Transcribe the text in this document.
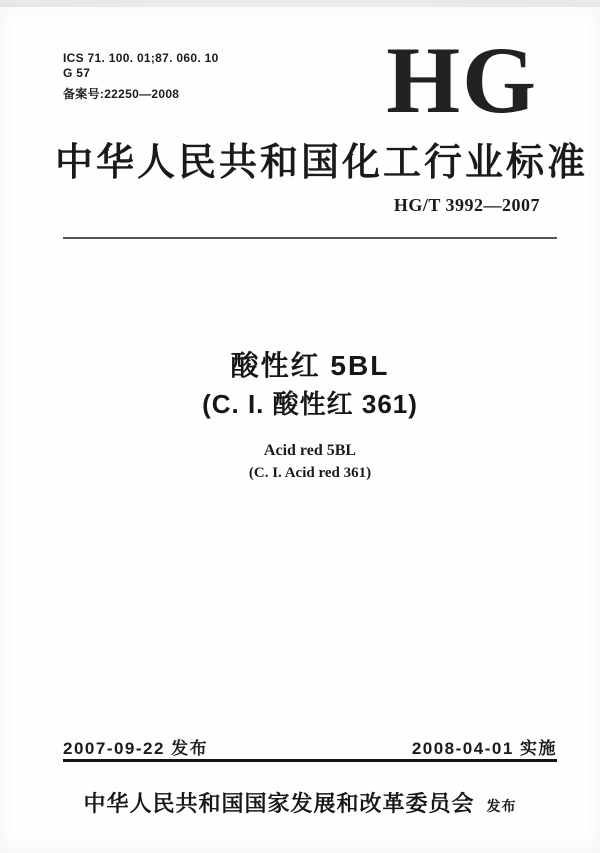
ICS 71. 100. 01;87. 060. 10
G 57
备案号:22250—2008	HG
中华人民共和国化工行业标准
HG/T 3992—2007
酸性红 5BL
(C. I. 酸性红 361)
Acid red 5BL
(C. I. Acid red 361)
2007-09-22 发布	2008-04-01 实施
中华人民共和国国家发展和改革委员会 发布
